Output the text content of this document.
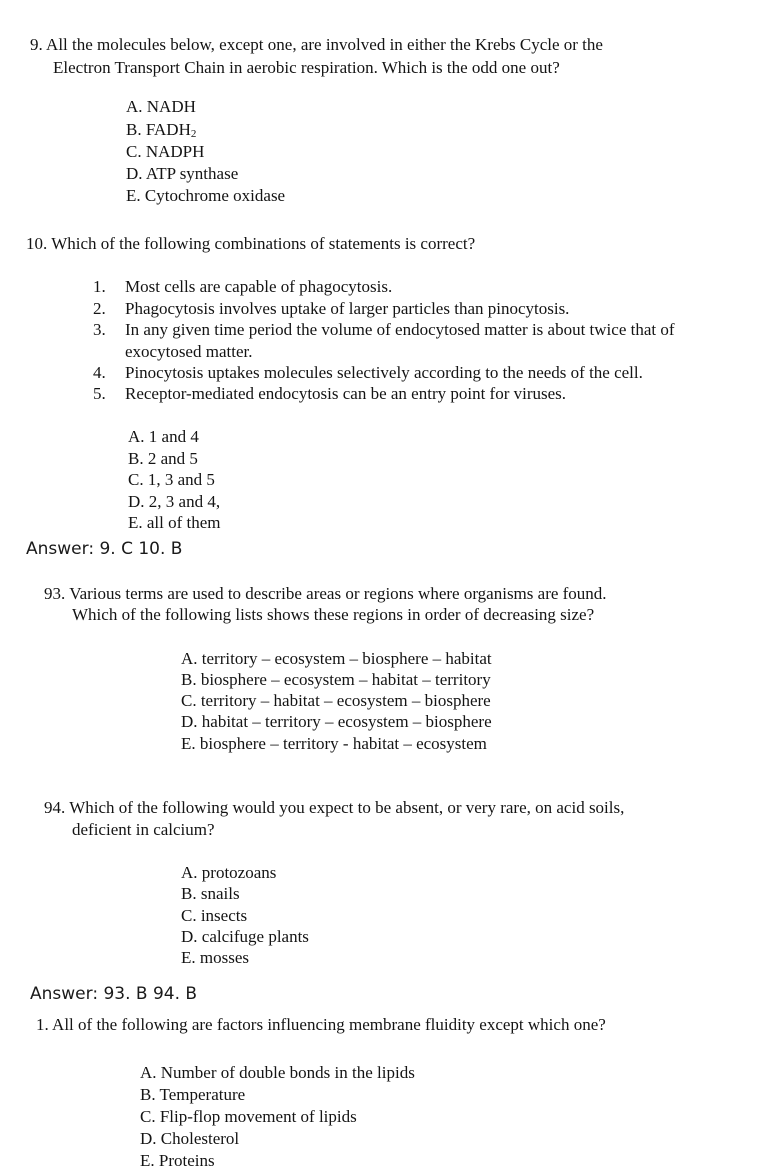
9. All the molecules below, except one, are involved in either the Krebs Cycle or the
Electron Transport Chain in aerobic respiration. Which is the odd one out?
A. NADH
B. $FADH_2$
C. NADPH
D. ATP synthase
E. Cytochrome oxidase
10. Which of the following combinations of statements is correct?
1. Most cells are capable of phagocytosis.
2. Phagocytosis involves uptake of larger particles than pinocytosis.
3. In any given time period the volume of endocytosed matter is about twice that of
exocytosed matter.
4. Pinocytosis uptakes molecules selectively according to the needs of the cell.
5. Receptor-mediated endocytosis can be an entry point for viruses.
A. 1 and 4
B. 2 and 5
C. 1, 3 and 5
D. 2, 3 and 4,
E. all of them
Answer: 9. C 10. B
93. Various terms are used to describe areas or regions where organisms are found.
Which of the following lists shows these regions in order of decreasing size?
A. territory – ecosystem – biosphere – habitat
B. biosphere – ecosystem – habitat – territory
C. territory – habitat – ecosystem – biosphere
D. habitat – territory – ecosystem – biosphere
E. biosphere – territory - habitat – ecosystem
94. Which of the following would you expect to be absent, or very rare, on acid soils,
deficient in calcium?
A. protozoans
B. snails
C. insects
D. calcifuge plants
E. mosses
Answer: 93. B 94. B
1. All of the following are factors influencing membrane fluidity except which one?
A. Number of double bonds in the lipids
B. Temperature
C. Flip-flop movement of lipids
D. Cholesterol
E. Proteins
